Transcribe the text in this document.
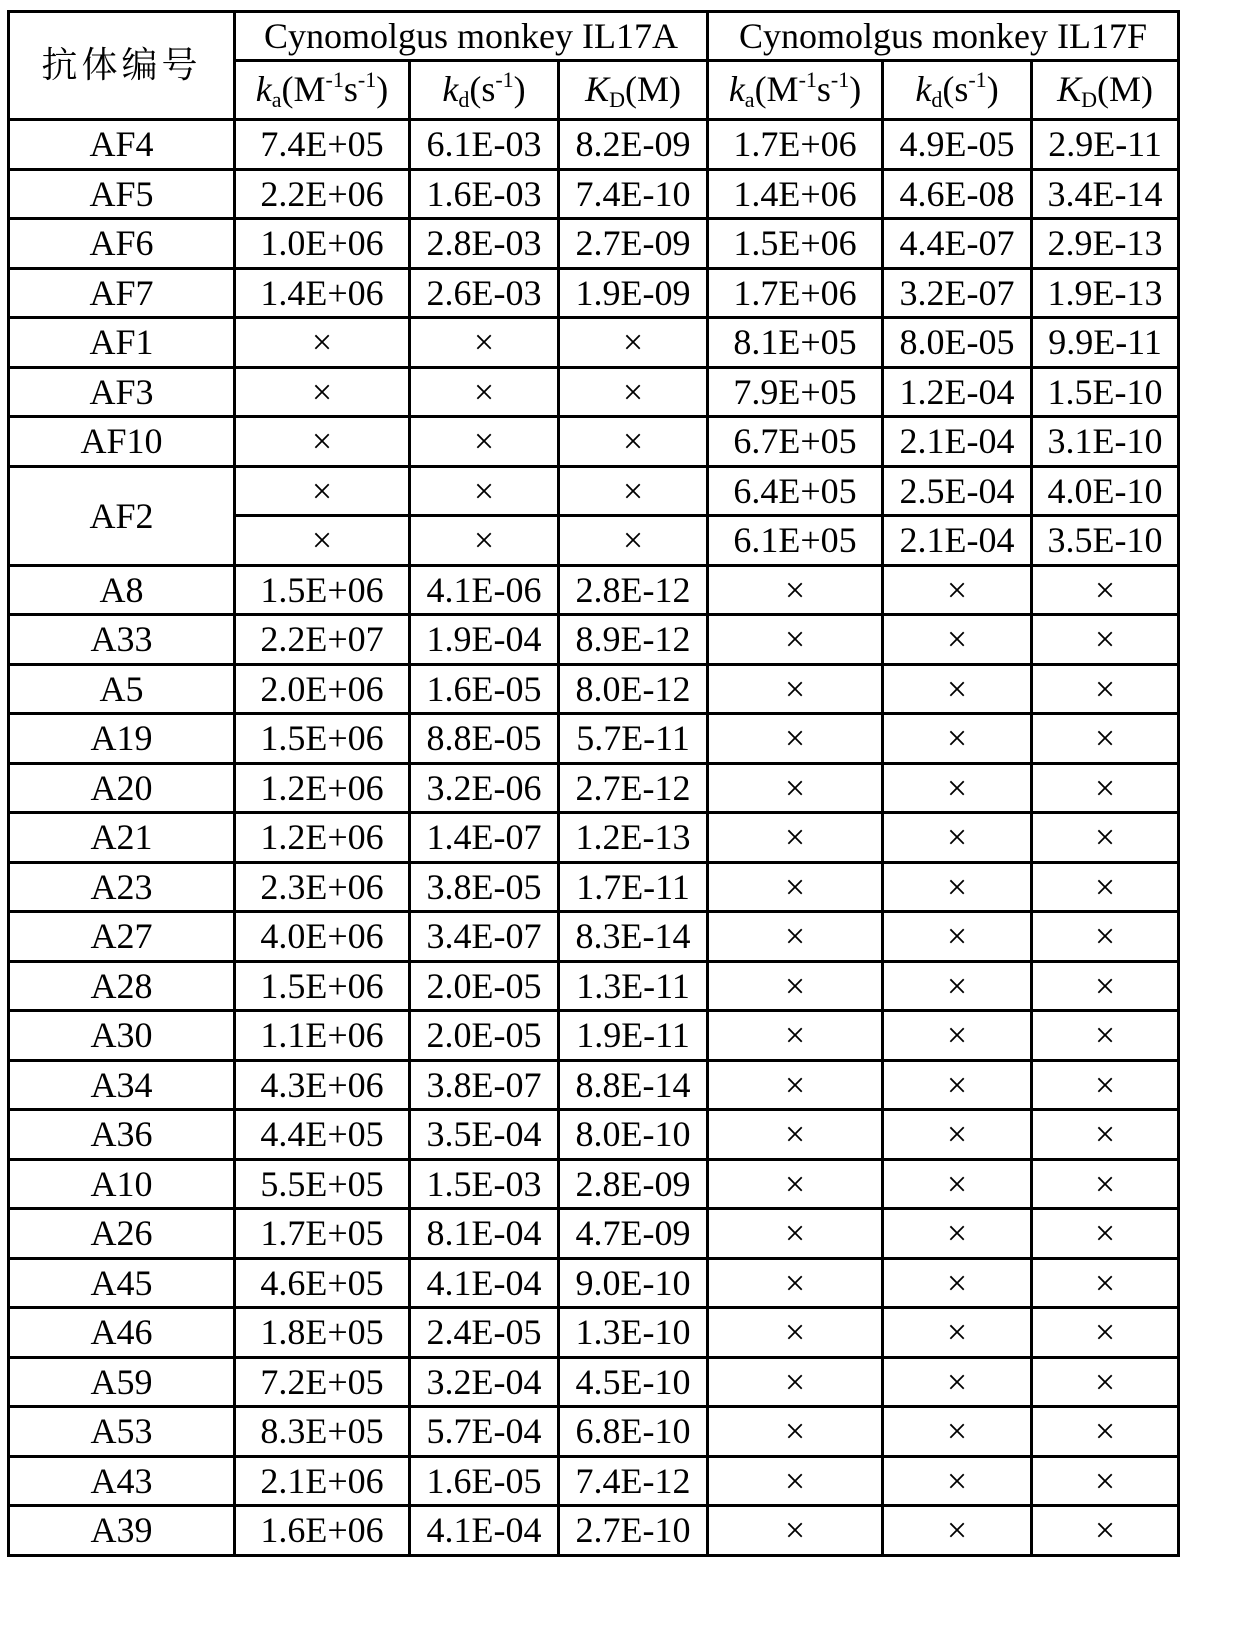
抗体编号	Cynomolgus monkey IL17A			Cynomolgus monkey IL17F		
	$k_a(M^{-1}s^{-1})$	$k_d(s^{-1})$	$K_D(M)$	$k_a(M^{-1}s^{-1})$	$k_d(s^{-1})$	$K_D(M)$
AF4	7.4E+05	6.1E-03	8.2E-09	1.7E+06	4.9E-05	2.9E-11
AF5	2.2E+06	1.6E-03	7.4E-10	1.4E+06	4.6E-08	3.4E-14
AF6	1.0E+06	2.8E-03	2.7E-09	1.5E+06	4.4E-07	2.9E-13
AF7	1.4E+06	2.6E-03	1.9E-09	1.7E+06	3.2E-07	1.9E-13
AF1	×	×	×	8.1E+05	8.0E-05	9.9E-11
AF3	×	×	×	7.9E+05	1.2E-04	1.5E-10
AF10	×	×	×	6.7E+05	2.1E-04	3.1E-10
AF2	×	×	×	6.4E+05	2.5E-04	4.0E-10
	×	×	×	6.1E+05	2.1E-04	3.5E-10
A8	1.5E+06	4.1E-06	2.8E-12	×	×	×
A33	2.2E+07	1.9E-04	8.9E-12	×	×	×
A5	2.0E+06	1.6E-05	8.0E-12	×	×	×
A19	1.5E+06	8.8E-05	5.7E-11	×	×	×
A20	1.2E+06	3.2E-06	2.7E-12	×	×	×
A21	1.2E+06	1.4E-07	1.2E-13	×	×	×
A23	2.3E+06	3.8E-05	1.7E-11	×	×	×
A27	4.0E+06	3.4E-07	8.3E-14	×	×	×
A28	1.5E+06	2.0E-05	1.3E-11	×	×	×
A30	1.1E+06	2.0E-05	1.9E-11	×	×	×
A34	4.3E+06	3.8E-07	8.8E-14	×	×	×
A36	4.4E+05	3.5E-04	8.0E-10	×	×	×
A10	5.5E+05	1.5E-03	2.8E-09	×	×	×
A26	1.7E+05	8.1E-04	4.7E-09	×	×	×
A45	4.6E+05	4.1E-04	9.0E-10	×	×	×
A46	1.8E+05	2.4E-05	1.3E-10	×	×	×
A59	7.2E+05	3.2E-04	4.5E-10	×	×	×
A53	8.3E+05	5.7E-04	6.8E-10	×	×	×
A43	2.1E+06	1.6E-05	7.4E-12	×	×	×
A39	1.6E+06	4.1E-04	2.7E-10	×	×	×
